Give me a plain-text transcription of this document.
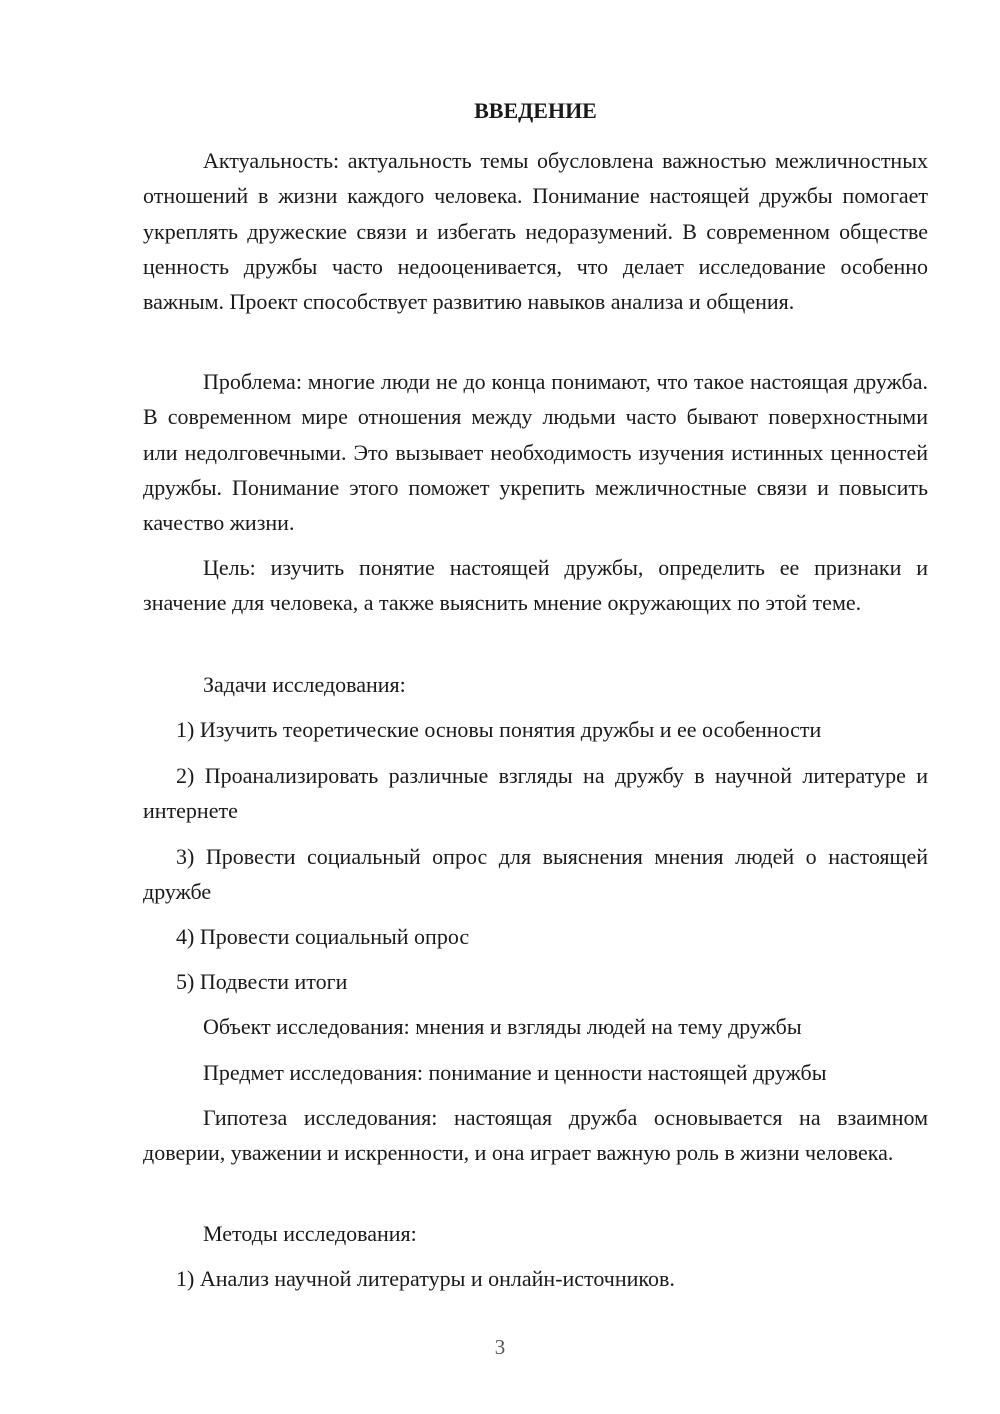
ВВЕДЕНИЕ

Актуальность: актуальность темы обусловлена важностью межличностных отношений в жизни каждого человека. Понимание настоящей дружбы помогает укреплять дружеские связи и избегать недоразумений. В современном обществе ценность дружбы часто недооценивается, что делает исследование особенно важным. Проект способствует развитию навыков анализа и общения.

Проблема: многие люди не до конца понимают, что такое настоящая дружба. В современном мире отношения между людьми часто бывают поверхностными или недолговечными. Это вызывает необходимость изучения истинных ценностей дружбы. Понимание этого поможет укрепить межличностные связи и повысить качество жизни.

Цель: изучить понятие настоящей дружбы, определить ее признаки и значение для человека, а также выяснить мнение окружающих по этой теме.

Задачи исследования:

1) Изучить теоретические основы понятия дружбы и ее особенности

2) Проанализировать различные взгляды на дружбу в научной литературе и интернете

3) Провести социальный опрос для выяснения мнения людей о настоящей дружбе

4) Провести социальный опрос

5) Подвести итоги

Объект исследования: мнения и взгляды людей на тему дружбы

Предмет исследования: понимание и ценности настоящей дружбы

Гипотеза исследования: настоящая дружба основывается на взаимном доверии, уважении и искренности, и она играет важную роль в жизни человека.

Методы исследования:

1) Анализ научной литературы и онлайн-источников.

3
